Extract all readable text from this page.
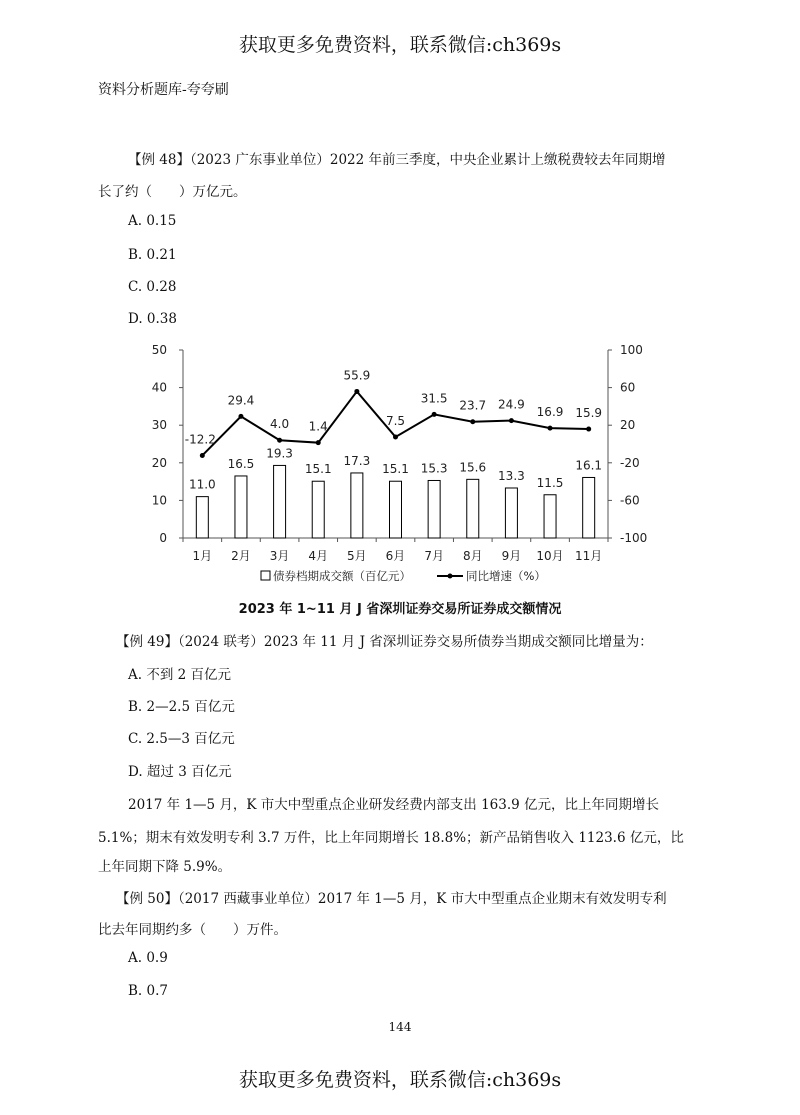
获取更多免费资料，联系微信:ch369s
资料分析题库-夸夸刷
【例 48】（2023 广东事业单位）2022 年前三季度，中央企业累计上缴税费较去年同期增
长了约（　　）万亿元。
A. 0.15
B. 0.21
C. 0.28
D. 0.38
0
10
20
30
40
50
-100
-60
-20
20
60
100
1月 2月 3月 4月 5月 6月 7月 8月 9月 10月 11月
11.0
16.5
19.3
15.1
17.3
15.1 15.3 15.6
13.3 11.5
16.1
-12.2
29.4
4.0 1.4
55.9
7.5
31.5
23.7 24.9
16.9 15.9
债券档期成交额（百亿元）	同比增速（%）
2023 年 1~11 月 J 省深圳证券交易所证券成交额情况
【例 49】（2024 联考）2023 年 11 月 J 省深圳证券交易所债券当期成交额同比增量为：
A. 不到 2 百亿元
B. 2—2.5 百亿元
C. 2.5—3 百亿元
D. 超过 3 百亿元
2017 年 1—5 月，K 市大中型重点企业研发经费内部支出 163.9 亿元，比上年同期增长
5.1%；期末有效发明专利 3.7 万件，比上年同期增长 18.8%；新产品销售收入 1123.6 亿元，比
上年同期下降 5.9%。
【例 50】（2017 西藏事业单位）2017 年 1—5 月，K 市大中型重点企业期末有效发明专利
比去年同期约多（　　）万件。
A. 0.9
B. 0.7
144
获取更多免费资料，联系微信:ch369s
